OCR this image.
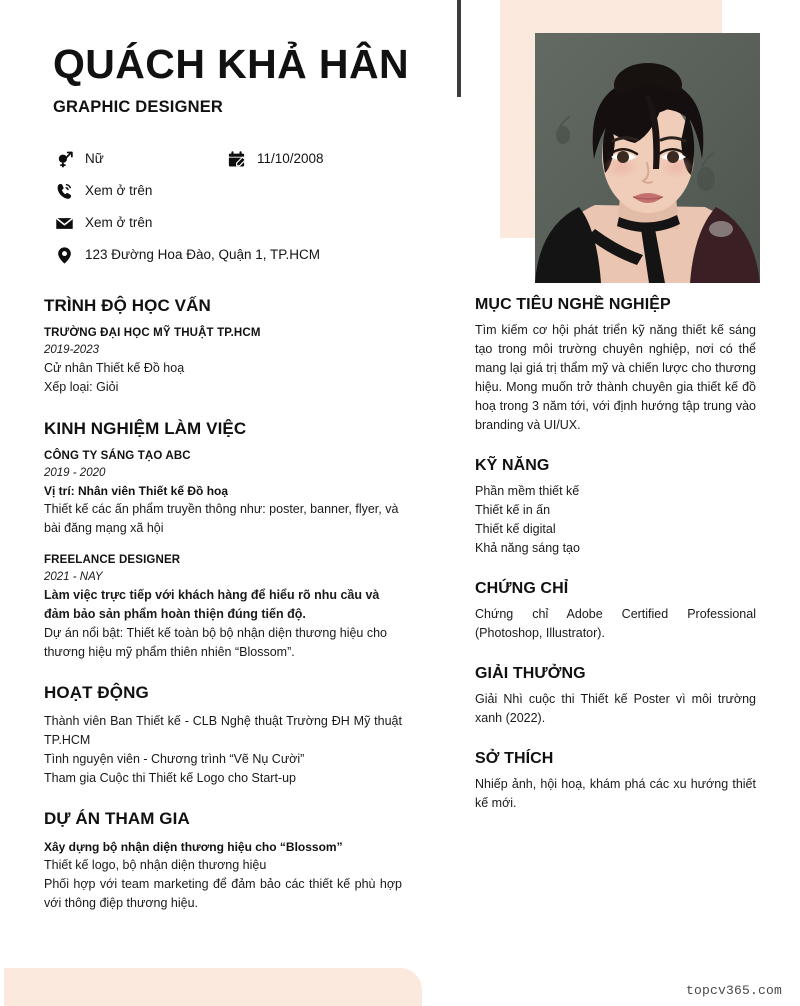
QUÁCH KHẢ HÂN
GRAPHIC DESIGNER
Nữ	11/10/2008
Xem ở trên
Xem ở trên
123 Đường Hoa Đào, Quận 1, TP.HCM
TRÌNH ĐỘ HỌC VẤN
TRƯỜNG ĐẠI HỌC MỸ THUẬT TP.HCM
2019-2023
Cử nhân Thiết kế Đồ hoạ
Xếp loại: Giỏi
KINH NGHIỆM LÀM VIỆC
CÔNG TY SÁNG TẠO ABC
2019 - 2020
Vị trí: Nhân viên Thiết kế Đồ hoạ
Thiết kế các ấn phẩm truyền thông như: poster, banner, flyer, và bài đăng mạng xã hội
FREELANCE DESIGNER
2021 - NAY
Làm việc trực tiếp với khách hàng để hiểu rõ nhu cầu và đảm bảo sản phẩm hoàn thiện đúng tiến độ.
Dự án nổi bật: Thiết kế toàn bộ bộ nhận diện thương hiệu cho thương hiệu mỹ phẩm thiên nhiên “Blossom”.
HOẠT ĐỘNG
Thành viên Ban Thiết kế - CLB Nghệ thuật Trường ĐH Mỹ thuật TP.HCM
Tình nguyện viên - Chương trình “Vẽ Nụ Cười”
Tham gia Cuộc thi Thiết kế Logo cho Start-up
DỰ ÁN THAM GIA
Xây dựng bộ nhận diện thương hiệu cho “Blossom”
Thiết kế logo, bộ nhận diện thương hiệu
Phối hợp với team marketing để đảm bảo các thiết kế phù hợp với thông điệp thương hiệu.
MỤC TIÊU NGHỀ NGHIỆP

Tìm kiếm cơ hội phát triển kỹ năng thiết kế sáng tạo trong môi trường chuyên nghiệp, nơi có thể mang lại giá trị thẩm mỹ và chiến lược cho thương hiệu. Mong muốn trở thành chuyên gia thiết kế đồ hoạ trong 3 năm tới, với định hướng tập trung vào branding và UI/UX.

KỸ NĂNG
Phần mềm thiết kế
Thiết kế in ấn
Thiết kế digital
Khả năng sáng tạo
CHỨNG CHỈ

Chứng chỉ Adobe Certified Professional (Photoshop, Illustrator).

GIẢI THƯỞNG

Giải Nhì cuộc thi Thiết kế Poster vì môi trường xanh (2022).

SỞ THÍCH

Nhiếp ảnh, hội hoạ, khám phá các xu hướng thiết kế mới.

topcv365.com
